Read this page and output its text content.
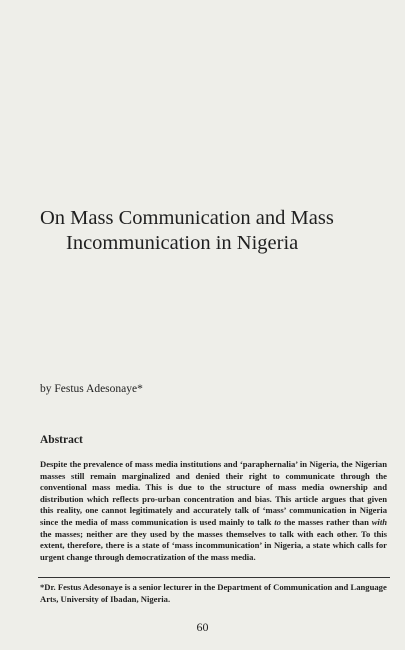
On Mass Communication and Mass
Incommunication in Nigeria

by Festus Adesonaye*

Abstract

Despite the prevalence of mass media institutions and ‘paraphernalia’ in Nigeria, the Nigerian masses still remain marginalized and denied their right to communicate through the conventional mass media. This is due to the structure of mass media ownership and distribution which reflects pro-urban concentration and bias. This article argues that given this reality, one cannot legitimately and accurately talk of ‘mass’ communication in Nigeria since the media of mass communication is used mainly to talk to the masses rather than with the masses; neither are they used by the masses themselves to talk with each other. To this extent, therefore, there is a state of ‘mass incommunication’ in Nigeria, a state which calls for urgent change through democratization of the mass media.

*Dr. Festus Adesonaye is a senior lecturer in the Department of Communication and Language Arts, University of Ibadan, Nigeria.

60
